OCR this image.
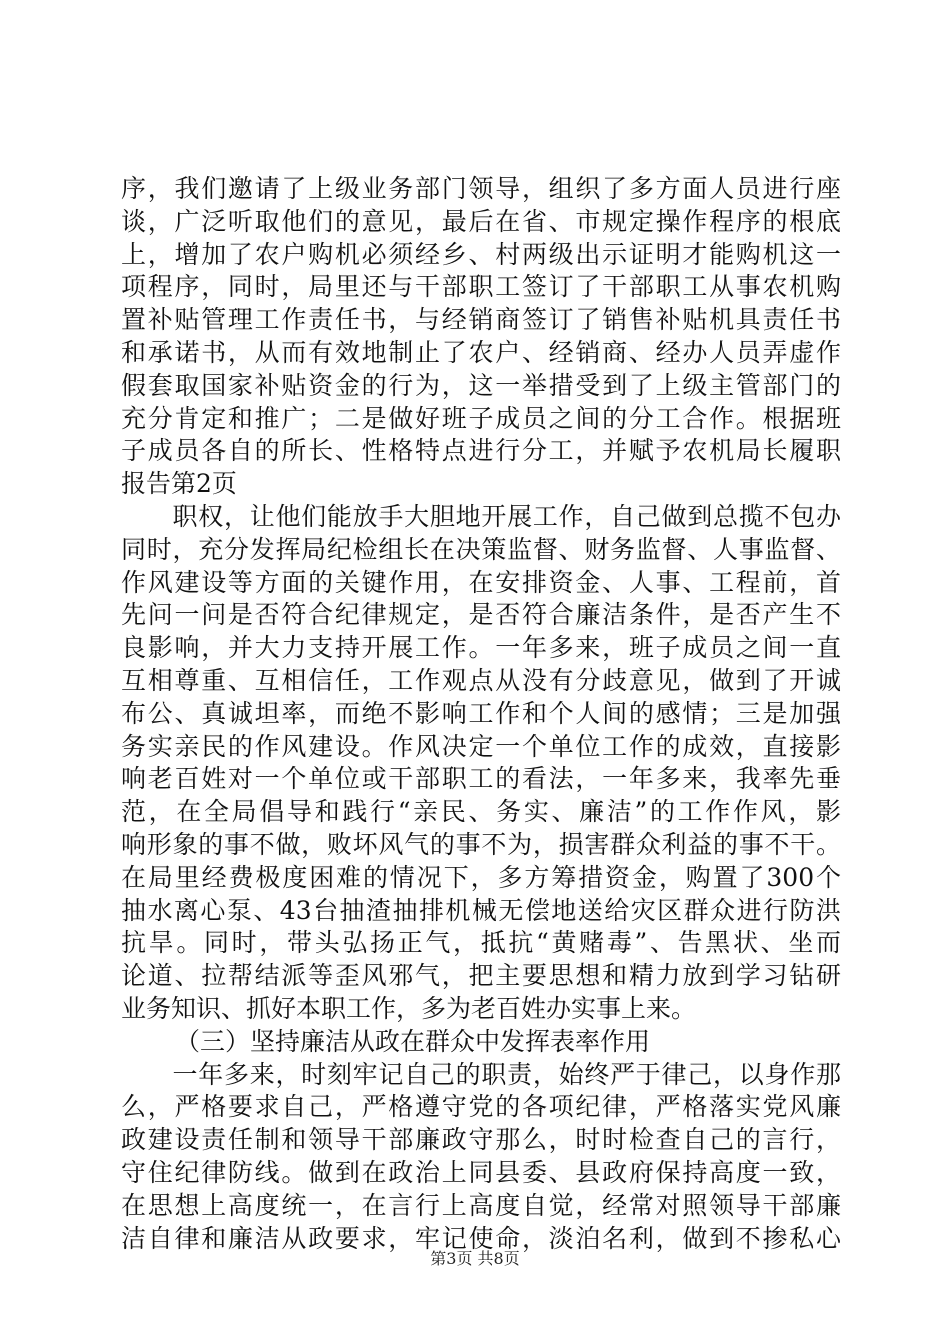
序，我们邀请了上级业务部门领导，组织了多方面人员进行座
谈，广泛听取他们的意见，最后在省、市规定操作程序的根底
上，增加了农户购机必须经乡、村两级出示证明才能购机这一
项程序，同时，局里还与干部职工签订了干部职工从事农机购
置补贴管理工作责任书，与经销商签订了销售补贴机具责任书
和承诺书，从而有效地制止了农户、经销商、经办人员弄虚作
假套取国家补贴资金的行为，这一举措受到了上级主管部门的
充分肯定和推广；二是做好班子成员之间的分工合作。根据班
子成员各自的所长、性格特点进行分工，并赋予农机局长履职
报告第2页
　　职权，让他们能放手大胆地开展工作，自己做到总揽不包办
同时，充分发挥局纪检组长在决策监督、财务监督、人事监督、
作风建设等方面的关键作用，在安排资金、人事、工程前，首
先问一问是否符合纪律规定，是否符合廉洁条件，是否产生不
良影响，并大力支持开展工作。一年多来，班子成员之间一直
互相尊重、互相信任，工作观点从没有分歧意见，做到了开诚
布公、真诚坦率，而绝不影响工作和个人间的感情；三是加强
务实亲民的作风建设。作风决定一个单位工作的成效，直接影
响老百姓对一个单位或干部职工的看法，一年多来，我率先垂
范，在全局倡导和践行“亲民、务实、廉洁”的工作作风，影
响形象的事不做，败坏风气的事不为，损害群众利益的事不干。
在局里经费极度困难的情况下，多方筹措资金，购置了300个
抽水离心泵、43台抽渣抽排机械无偿地送给灾区群众进行防洪
抗旱。同时，带头弘扬正气，抵抗“黄赌毒”、告黑状、坐而
论道、拉帮结派等歪风邪气，把主要思想和精力放到学习钻研
业务知识、抓好本职工作，多为老百姓办实事上来。
（三）坚持廉洁从政在群众中发挥表率作用
　　一年多来，时刻牢记自己的职责，始终严于律己，以身作那
么，严格要求自己，严格遵守党的各项纪律，严格落实党风廉
政建设责任制和领导干部廉政守那么，时时检查自己的言行，
守住纪律防线。做到在政治上同县委、县政府保持高度一致，
在思想上高度统一，在言行上高度自觉，经常对照领导干部廉
洁自律和廉洁从政要求，牢记使命，淡泊名利，做到不掺私心
第3页 共8页
